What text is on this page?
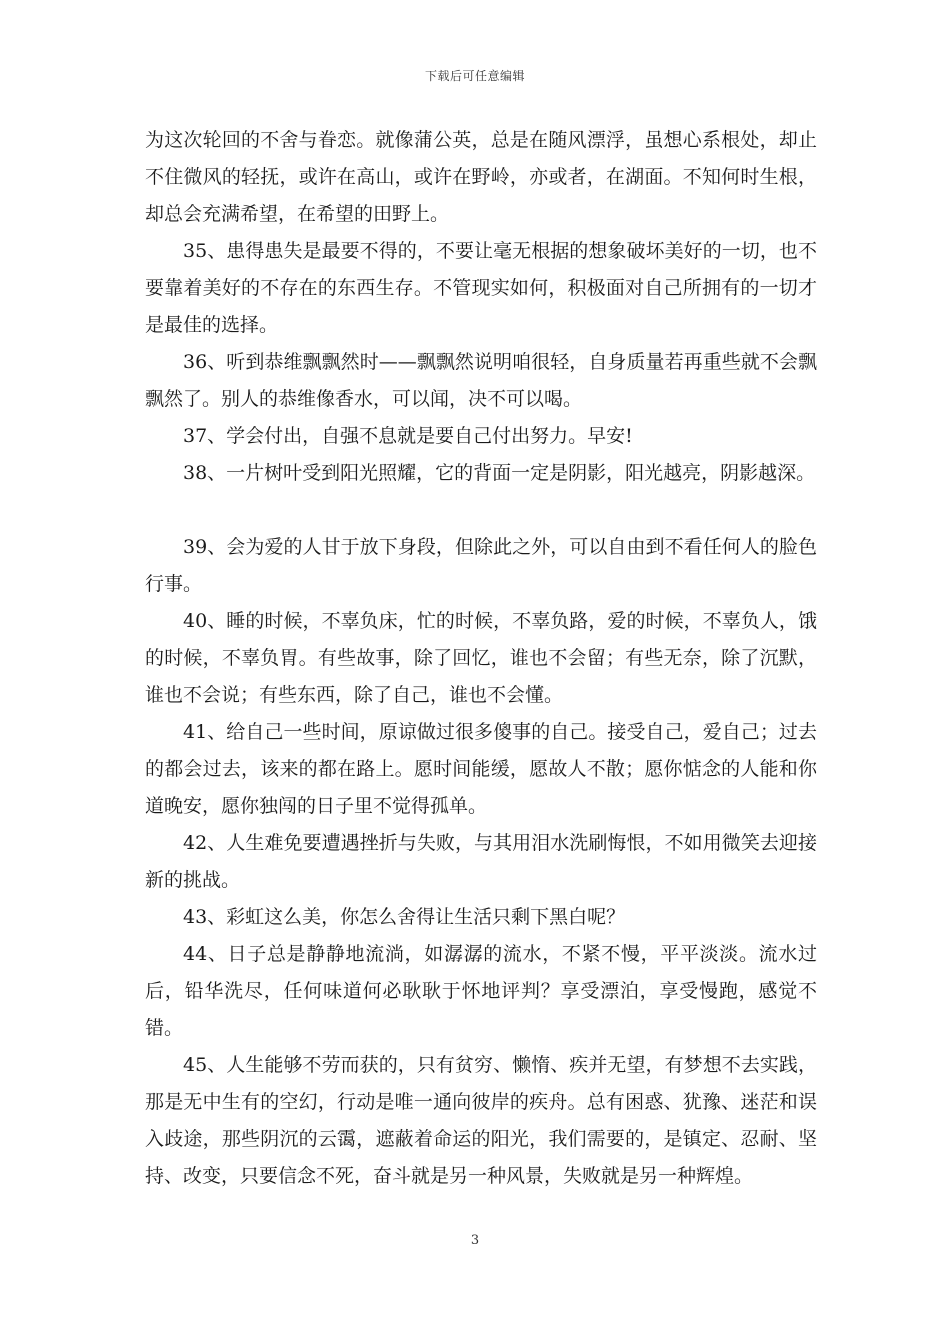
下载后可任意编辑

为这次轮回的不舍与眷恋。就像蒲公英，总是在随风漂浮，虽想心系根处，却止不住微风的轻抚，或许在高山，或许在野岭，亦或者，在湖面。不知何时生根，却总会充满希望，在希望的田野上。

35、患得患失是最要不得的，不要让毫无根据的想象破坏美好的一切，也不要靠着美好的不存在的东西生存。不管现实如何，积极面对自己所拥有的一切才是最佳的选择。

36、听到恭维飘飘然时——飘飘然说明咱很轻，自身质量若再重些就不会飘飘然了。别人的恭维像香水，可以闻，决不可以喝。

37、学会付出，自强不息就是要自己付出努力。早安!

38、一片树叶受到阳光照耀，它的背面一定是阴影，阳光越亮，阴影越深。

39、会为爱的人甘于放下身段，但除此之外，可以自由到不看任何人的脸色行事。

40、睡的时候，不辜负床，忙的时候，不辜负路，爱的时候，不辜负人，饿的时候，不辜负胃。有些故事，除了回忆，谁也不会留；有些无奈，除了沉默，谁也不会说；有些东西，除了自己，谁也不会懂。

41、给自己一些时间，原谅做过很多傻事的自己。接受自己，爱自己；过去的都会过去，该来的都在路上。愿时间能缓，愿故人不散；愿你惦念的人能和你道晚安，愿你独闯的日子里不觉得孤单。

42、人生难免要遭遇挫折与失败，与其用泪水洗刷悔恨，不如用微笑去迎接新的挑战。

43、彩虹这么美，你怎么舍得让生活只剩下黑白呢？

44、日子总是静静地流淌，如潺潺的流水，不紧不慢，平平淡淡。流水过后，铅华洗尽，任何味道何必耿耿于怀地评判？享受漂泊，享受慢跑，感觉不错。

45、人生能够不劳而获的，只有贫穷、懒惰、疾并无望，有梦想不去实践，那是无中生有的空幻，行动是唯一通向彼岸的疾舟。总有困惑、犹豫、迷茫和误入歧途，那些阴沉的云霭，遮蔽着命运的阳光，我们需要的，是镇定、忍耐、坚持、改变，只要信念不死，奋斗就是另一种风景，失败就是另一种辉煌。

3
